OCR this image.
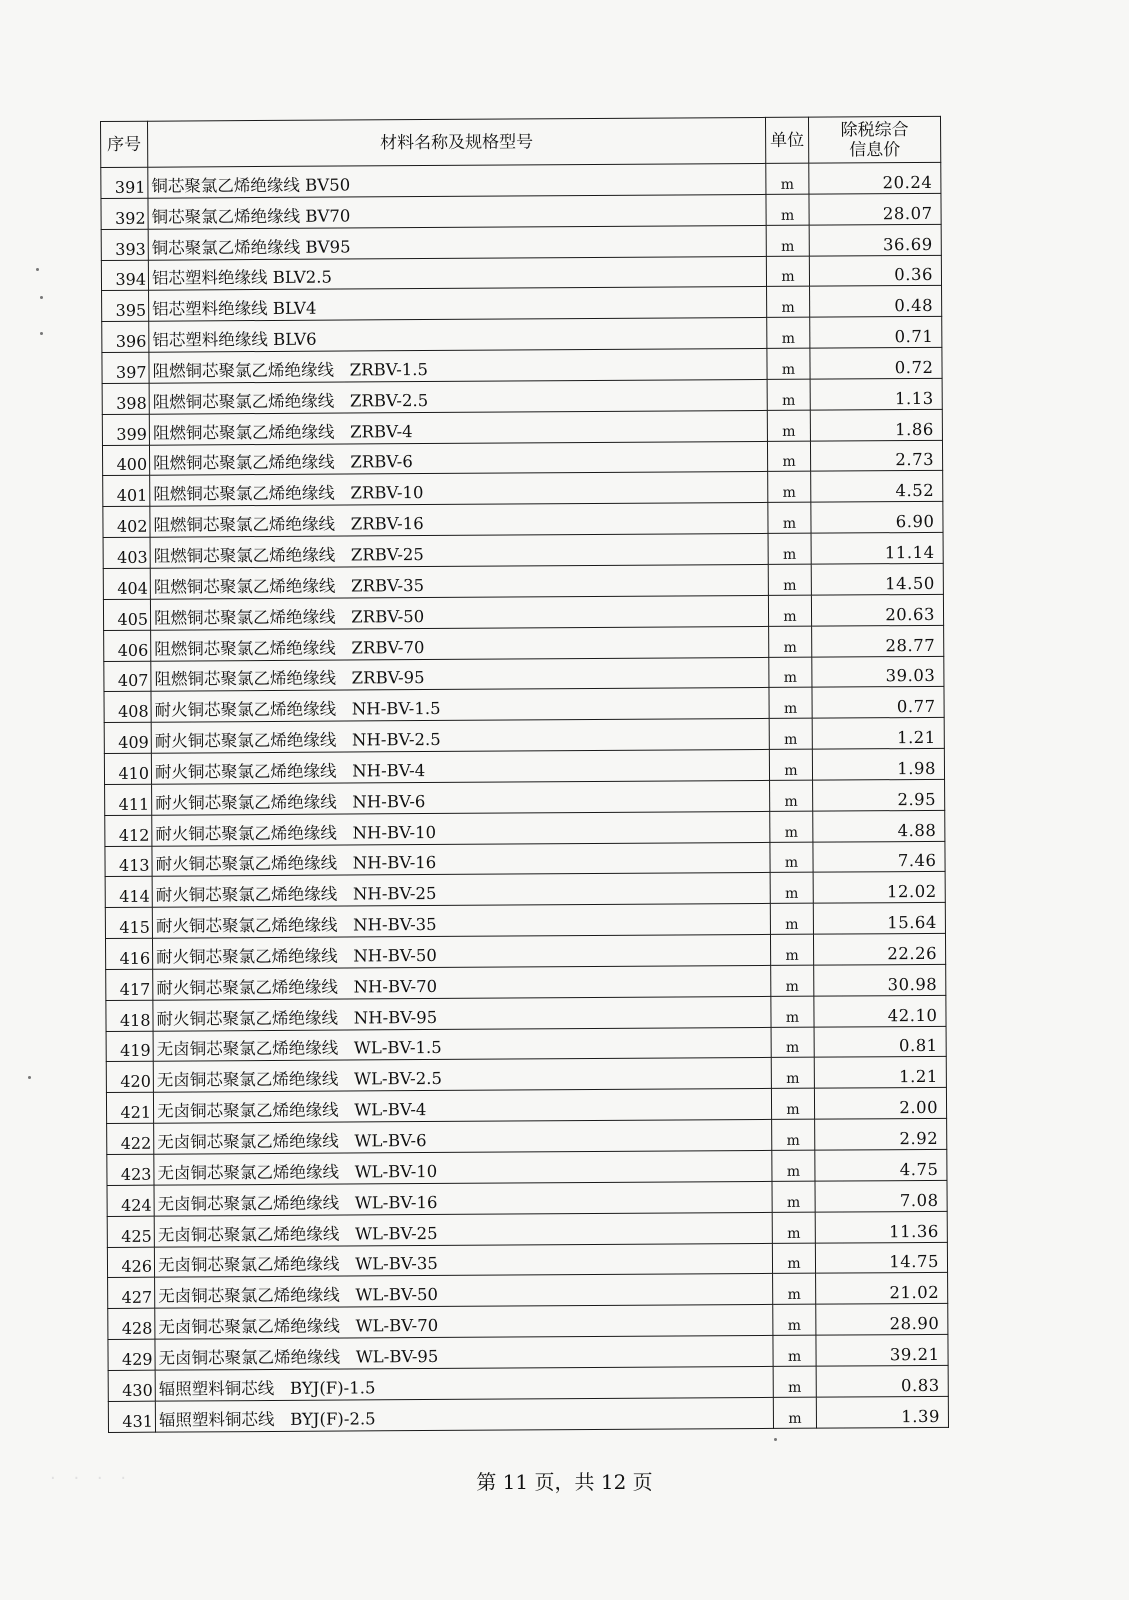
序号	材料名称及规格型号	单位	除税综合
信息价

391	铜芯聚氯乙烯绝缘线 BV50	m	20.24
392	铜芯聚氯乙烯绝缘线 BV70	m	28.07
393	铜芯聚氯乙烯绝缘线 BV95	m	36.69
394	铝芯塑料绝缘线 BLV2.5	m	0.36
395	铝芯塑料绝缘线 BLV4	m	0.48
396	铝芯塑料绝缘线 BLV6	m	0.71
397	阻燃铜芯聚氯乙烯绝缘线   ZRBV-1.5	m	0.72
398	阻燃铜芯聚氯乙烯绝缘线   ZRBV-2.5	m	1.13
399	阻燃铜芯聚氯乙烯绝缘线   ZRBV-4	m	1.86
400	阻燃铜芯聚氯乙烯绝缘线   ZRBV-6	m	2.73
401	阻燃铜芯聚氯乙烯绝缘线   ZRBV-10	m	4.52
402	阻燃铜芯聚氯乙烯绝缘线   ZRBV-16	m	6.90
403	阻燃铜芯聚氯乙烯绝缘线   ZRBV-25	m	11.14
404	阻燃铜芯聚氯乙烯绝缘线   ZRBV-35	m	14.50
405	阻燃铜芯聚氯乙烯绝缘线   ZRBV-50	m	20.63
406	阻燃铜芯聚氯乙烯绝缘线   ZRBV-70	m	28.77
407	阻燃铜芯聚氯乙烯绝缘线   ZRBV-95	m	39.03
408	耐火铜芯聚氯乙烯绝缘线   NH-BV-1.5	m	0.77
409	耐火铜芯聚氯乙烯绝缘线   NH-BV-2.5	m	1.21
410	耐火铜芯聚氯乙烯绝缘线   NH-BV-4	m	1.98
411	耐火铜芯聚氯乙烯绝缘线   NH-BV-6	m	2.95
412	耐火铜芯聚氯乙烯绝缘线   NH-BV-10	m	4.88
413	耐火铜芯聚氯乙烯绝缘线   NH-BV-16	m	7.46
414	耐火铜芯聚氯乙烯绝缘线   NH-BV-25	m	12.02
415	耐火铜芯聚氯乙烯绝缘线   NH-BV-35	m	15.64
416	耐火铜芯聚氯乙烯绝缘线   NH-BV-50	m	22.26
417	耐火铜芯聚氯乙烯绝缘线   NH-BV-70	m	30.98
418	耐火铜芯聚氯乙烯绝缘线   NH-BV-95	m	42.10
419	无卤铜芯聚氯乙烯绝缘线   WL-BV-1.5	m	0.81
420	无卤铜芯聚氯乙烯绝缘线   WL-BV-2.5	m	1.21
421	无卤铜芯聚氯乙烯绝缘线   WL-BV-4	m	2.00
422	无卤铜芯聚氯乙烯绝缘线   WL-BV-6	m	2.92
423	无卤铜芯聚氯乙烯绝缘线   WL-BV-10	m	4.75
424	无卤铜芯聚氯乙烯绝缘线   WL-BV-16	m	7.08
425	无卤铜芯聚氯乙烯绝缘线   WL-BV-25	m	11.36
426	无卤铜芯聚氯乙烯绝缘线   WL-BV-35	m	14.75
427	无卤铜芯聚氯乙烯绝缘线   WL-BV-50	m	21.02
428	无卤铜芯聚氯乙烯绝缘线   WL-BV-70	m	28.90
429	无卤铜芯聚氯乙烯绝缘线   WL-BV-95	m	39.21
430	辐照塑料铜芯线   BYJ(F)-1.5	m	0.83
431	辐照塑料铜芯线   BYJ(F)-2.5	m	1.39
· · · ·	第 11 页，共 12 页
